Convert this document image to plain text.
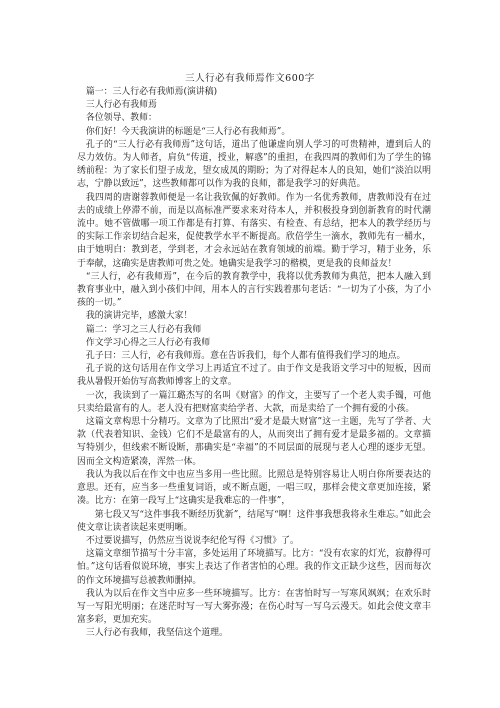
三人行必有我师焉作文600字

篇一：三人行必有我师焉(演讲稿)

三人行必有我师焉

各位领导、教师：

你们好！今天我演讲的标题是“三人行必有我师焉”。

孔子的“三人行必有我师焉”这句话，道出了他谦虚向别人学习的可贵精神，遭到后人的尽力效仿。为人师者，肩负“传道，授业，解惑”的重担，在我四周的教师们为了学生的锦绣前程：为了家长们望子成龙，望女成凤的期盼；为了对得起本人的良知，她们“淡泊以明志，宁静以致远”，这些教师都可以作为我的良师，都是我学习的好典范。

我四周的唐谢蓉教师便是一名让我钦佩的好教师。作为一名优秀教师，唐教师没有在过去的成绩上停滞不前，而是以高标准严要求来对待本人，并积极投身到创新教育的时代潮流中。她不管做哪一项工作都是有打算、有落实、有检查、有总结，把本人的教学经历与的实际工作亲切结合起来，促使教学水平不断提高。欣倍学生一滴水，教师先有一桶水，由于她明白：教到老，学到老，才会永远站在教育领域的前端。勤于学习，精于业务，乐于奉献，这确实是唐教师可贵之处。她确实是我学习的楷模，更是我的良师益友！

“三人行，必有我师焉”，在今后的教育教学中，我将以优秀教师为典范，把本人融入到教育事业中，融入到小孩们中间，用本人的言行实践着那句老话：“一切为了小孩，为了小孩的一切。”

我的演讲完毕，感激大家！

篇二：学习之三人行必有我师

作文学习心得之三人行必有我师

孔子曰：三人行，必有我师焉。意在告诉我们，每个人都有值得我们学习的地点。

孔子说的这句话用在作文学习上再适宜不过了。由于作文是我语文学习中的短板，因而我从暑假开始仿写高教师博客上的文章。

一次，我读到了一篇江璐杰写的名叫《财富》的作文，主要写了一个老人卖手镯，可他只卖给最富有的人。老人没有把财富卖给学者、大款，而是卖给了一个拥有爱的小孩。

这篇文章构思十分精巧。文章为了比照出“爱才是最大财富”这一主题，先写了学者、大款（代表着知识、金钱）它们不是最富有的人，从而突出了拥有爱才是最多福的。文章描写特别少，但线索不断设断，那确实是“幸福”的不同层面的展现与老人心理的逐步无望。因而全文构造紧凑，浑然一体。

我认为我以后在作文中也应当多用一些比照。比照总是特别容易让人明白你所要表达的意思。还有，应当多一些重复词语，或不断点题，一唱三叹，那样会使文章更加连接，紧凑。比方：在第一段写上“这确实是我难忘的一件事”，

第七段又写“这件事我不断经历犹新”，结尾写“啊！这件事我想我将永生难忘。”如此会使文章让读者读起来更明晰。

不过要说描写，仍然应当说说李纪伦写得《习惯》了。

这篇文章细节描写十分丰富，多处运用了环境描写。比方：“没有农家的灯光，寂静得可怕。”这句话看似说环境，事实上表达了作者害怕的心理。我的作文正缺少这些，因而每次的作文环境描写总被教师删掉。

我认为以后在作文当中应多一些环境描写。比方：在害怕时写一写寒风飒飒；在欢乐时写一写阳光明丽；在迷茫时写一写大雾弥漫；在伤心时写一写乌云漫天。如此会使文章丰富多彩，更加充实。

三人行必有我师，我坚信这个道理。
